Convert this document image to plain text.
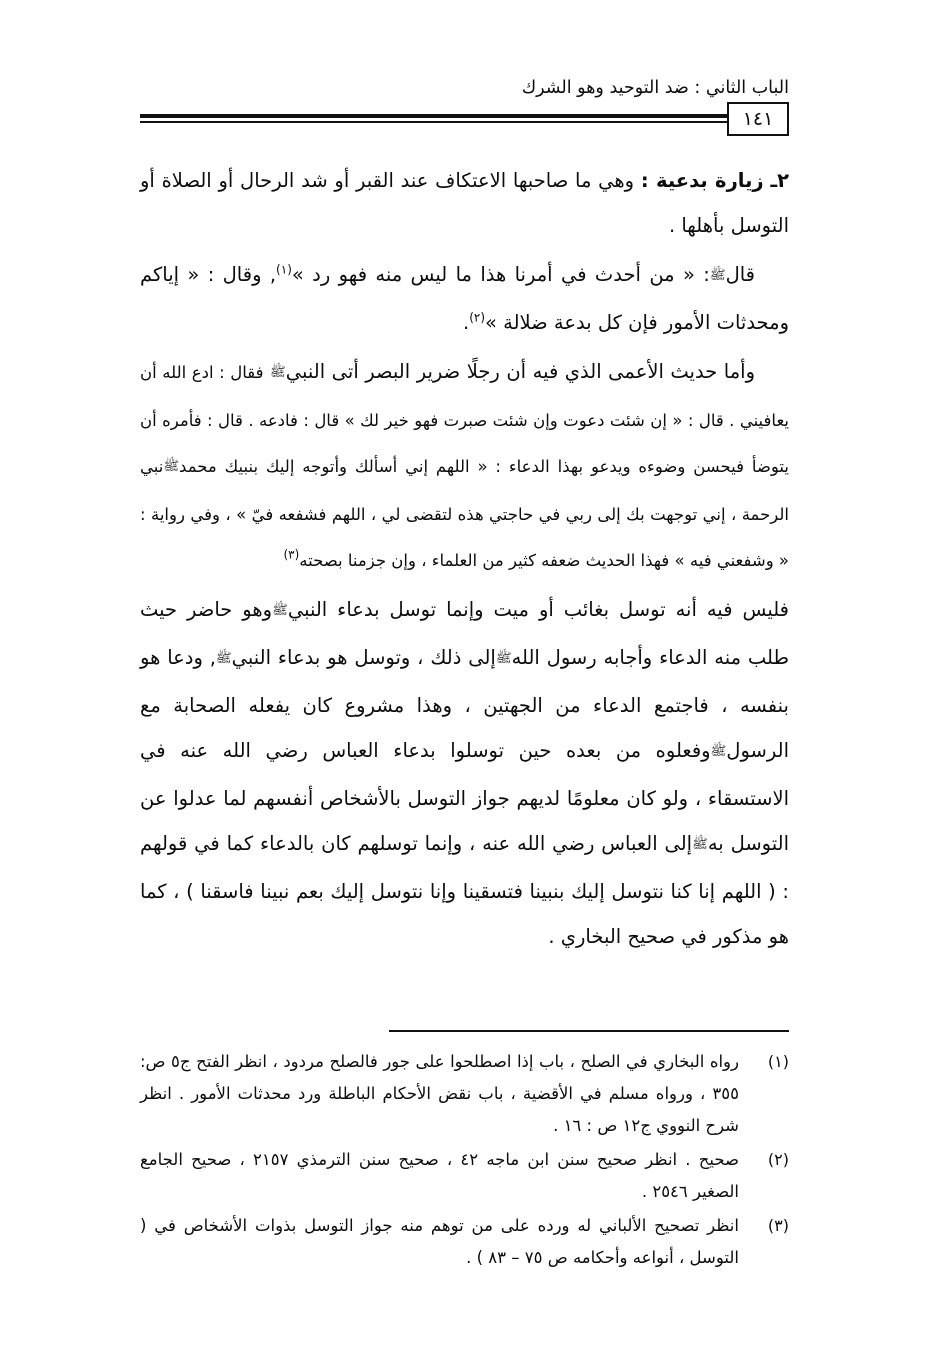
الباب الثاني : ضد التوحيد وهو الشرك
١٤١

٢ـ زيارة بدعية : وهي ما صاحبها الاعتكاف عند القبر أو شد الرحال أو الصلاة أو التوسل بأهلها .

قالﷺ: « من أحدث في أمرنا هذا ما ليس منه فهو رد »$^{(١)}$, وقال : « إياكم ومحدثات الأمور فإن كل بدعة ضلالة »$^{(٢)}$.

وأما حديث الأعمى الذي فيه أن رجلًا ضرير البصر أتى النبيﷺ فقال : ادع الله أن يعافيني . قال : « إن شئت دعوت وإن شئت صبرت فهو خير لك » قال : فادعه . قال : فأمره أن يتوضأ فيحسن وضوءه ويدعو بهذا الدعاء : « اللهم إني أسألك وأتوجه إليك بنبيك محمدﷺنبي الرحمة ، إني توجهت بك إلى ربي في حاجتي هذه لتقضى لي ، اللهم فشفعه فيّ » ، وفي رواية : « وشفعني فيه » فهذا الحديث ضعفه كثير من العلماء ، وإن جزمنا بصحته$^{(٣)}$

فليس فيه أنه توسل بغائب أو ميت وإنما توسل بدعاء النبيﷺوهو حاضر حيث طلب منه الدعاء وأجابه رسول اللهﷺإلى ذلك ، وتوسل هو بدعاء النبيﷺ, ودعا هو بنفسه ، فاجتمع الدعاء من الجهتين ، وهذا مشروع كان يفعله الصحابة مع الرسولﷺوفعلوه من بعده حين توسلوا بدعاء العباس رضي الله عنه في الاستسقاء ، ولو كان معلومًا لديهم جواز التوسل بالأشخاص أنفسهم لما عدلوا عن التوسل بهﷺإلى العباس رضي الله عنه ، وإنما توسلهم كان بالدعاء كما في قولهم : ( اللهم إنا كنا نتوسل إليك بنبينا فتسقينا وإنا نتوسل إليك بعم نبينا فاسقنا ) ، كما هو مذكور في صحيح البخاري .

(١)
رواه البخاري في الصلح ، باب إذا اصطلحوا على جور فالصلح مردود ، انظر الفتح ج٥ ص: ٣٥٥ ، ورواه مسلم في الأقضية ، باب نقض الأحكام الباطلة ورد محدثات الأمور . انظر شرح النووي ج١٢ ص : ١٦ .
(٢)
صحيح . انظر صحيح سنن ابن ماجه ٤٢ ، صحيح سنن الترمذي ٢١٥٧ ، صحيح الجامع الصغير ٢٥٤٦ .
(٣)
انظر تصحيح الألباني له ورده على من توهم منه جواز التوسل بذوات الأشخاص في ( التوسل ، أنواعه وأحكامه ص ٧٥ – ٨٣ ) .
